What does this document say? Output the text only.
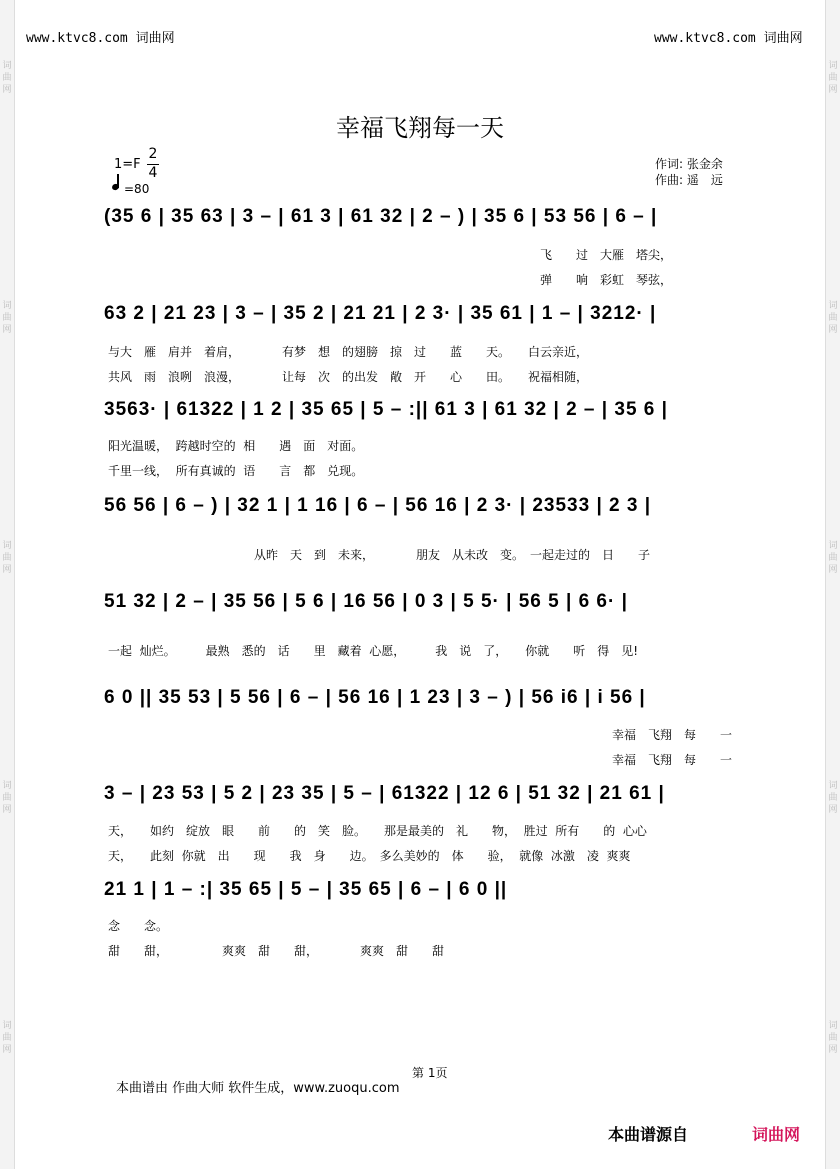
词曲网
词曲网
词曲网
词曲网
词曲网
词曲网
词曲网
词曲网
词曲网
词曲网
www.ktvc8.com 词曲网	www.ktvc8.com 词曲网
幸福飞翔每一天
1=F
2
4
=80
作词: 张金余
作曲: 遥　远
(35 6 | 35 63 | 3 – | 61 3 | 61 32 | 2 – ) | 35 6 | 53 56 | 6 – |
飞　　过　大雁　塔尖，
弹　　响　彩虹　琴弦，
63 2 | 21 23 | 3 – | 35 2 | 21 21 | 2 3· | 35 61 | 1 – | 3212· |
与大　雁　肩并　着肩，　　　　有梦　想　的翅膀　掠　过　　蓝　　天。　　白云亲近，
共风　雨　浪咧　浪漫，　　　　让每　次　的出发　敞　开　　心　　田。　　祝福相随，
3563· | 61322 | 1 2 | 35 65 | 5 – :|| 61 3 | 61 32 | 2 – | 35 6 |
阳光温暖，  跨越时空的  相　　遇　面　对面。
千里一线，  所有真诚的  语　　言　都　兑现。
56 56 | 6 – ) | 32 1 | 1 16 | 6 – | 56 16 | 2 3· | 23533 | 2 3 |
从昨　天　到　未来，　　　　朋友　从未改　变。　一起走过的　日　　子
51 32 | 2 – | 35 56 | 5 6 | 16 56 | 0 3 | 5 5· | 56 5 | 6 6· |
一起  灿烂。　　　最熟　悉的　话　　里　藏着  心愿，　　　我　说　了，　　你就　　听　得　见!
6 0 || 35 53 | 5 56 | 6 – | 56 16 | 1 23 | 3 – ) | 56 i6 | i 56 |
幸福　飞翔　每　　一
幸福　飞翔　每　　一
3 – | 23 53 | 5 2 | 23 35 | 5 – | 61322 | 12 6 | 51 32 | 21 61 |
天，　　如约　绽放　眼　　前　　的　笑　脸。　　那是最美的　礼　　物，  胜过  所有　　的  心心
天，　　此刻  你就　出　　现　　我　身　　边。　多么美妙的　体　　验，  就像  冰激　凌  爽爽
21 1 | 1 – :| 35 65 | 5 – | 35 65 | 6 – | 6 0 ||
念　　念。
甜　　甜，　　　　　爽爽　甜　　甜，　　　　爽爽　甜　　甜
第 1页
本曲谱由 作曲大师 软件生成，www.zuoqu.com
本曲谱源自	词曲网
